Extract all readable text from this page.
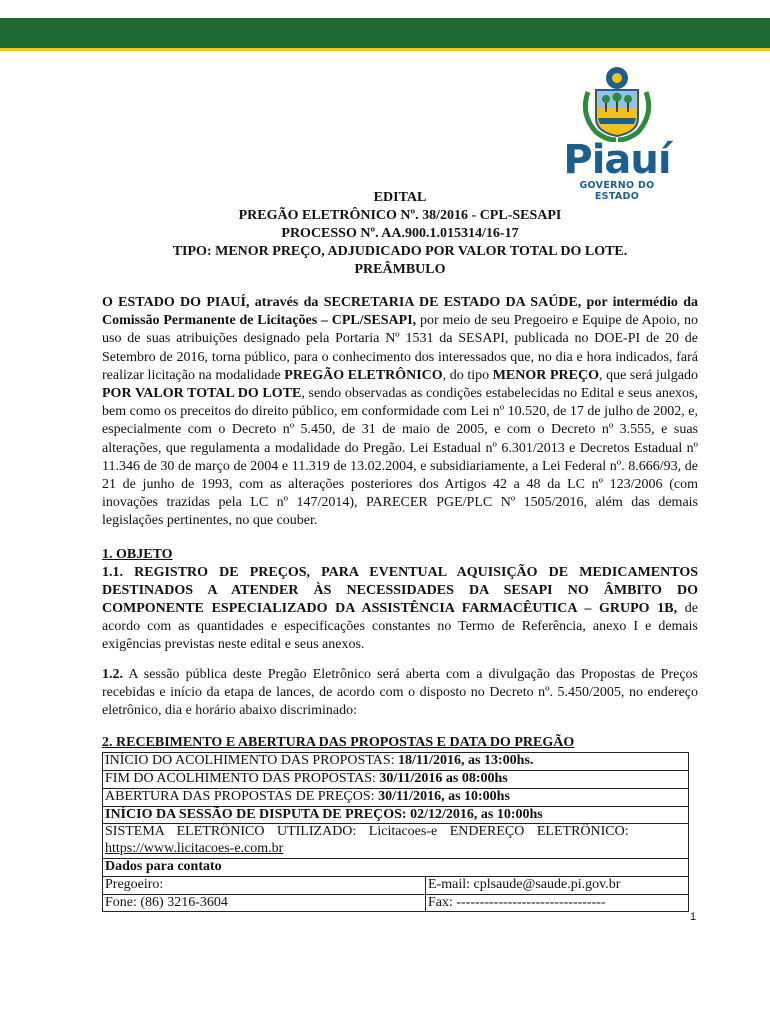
Piauí
GOVERNO DO ESTADO
EDITAL
PREGÃO ELETRÔNICO Nº. 38/2016 - CPL-SESAPI
PROCESSO Nº. AA.900.1.015314/16-17
TIPO: MENOR PREÇO, ADJUDICADO POR VALOR TOTAL DO LOTE.
PREÂMBULO

O ESTADO DO PIAUÍ, através da SECRETARIA DE ESTADO DA SAÚDE, por intermédio da Comissão Permanente de Licitações – CPL/SESAPI, por meio de seu Pregoeiro e Equipe de Apoio, no uso de suas atribuições designado pela Portaria Nº 1531 da SESAPI, publicada no DOE-PI de 20 de Setembro de 2016, torna público, para o conhecimento dos interessados que, no dia e hora indicados, fará realizar licitação na modalidade PREGÃO ELETRÔNICO, do tipo MENOR PREÇO, que será julgado POR VALOR TOTAL DO LOTE, sendo observadas as condições estabelecidas no Edital e seus anexos, bem como os preceitos do direito público, em conformidade com Lei nº 10.520, de 17 de julho de 2002, e, especialmente com o Decreto nº 5.450, de 31 de maio de 2005, e com o Decreto nº 3.555, e suas alterações, que regulamenta a modalidade do Pregão. Lei Estadual nº 6.301/2013 e Decretos Estadual nº 11.346 de 30 de março de 2004 e 11.319 de 13.02.2004, e subsidiariamente, a Lei Federal nº. 8.666/93, de 21 de junho de 1993, com as alterações posteriores dos Artigos 42 a 48 da LC nº 123/2006 (com inovações trazidas pela LC nº 147/2014), PARECER PGE/PLC Nº 1505/2016, além das demais legislações pertinentes, no que couber.

1. OBJETO

1.1. REGISTRO DE PREÇOS, PARA EVENTUAL AQUISIÇÃO DE MEDICAMENTOS DESTINADOS A ATENDER ÀS NECESSIDADES DA SESAPI NO ÂMBITO DO COMPONENTE ESPECIALIZADO DA ASSISTÊNCIA FARMACÊUTICA – GRUPO 1B, de acordo com as quantidades e especificações constantes no Termo de Referência, anexo I e demais exigências previstas neste edital e seus anexos.

1.2. A sessão pública deste Pregão Eletrônico será aberta com a divulgação das Propostas de Preços recebidas e início da etapa de lances, de acordo com o disposto no Decreto nº. 5.450/2005, no endereço eletrônico, dia e horário abaixo discriminado:

2. RECEBIMENTO E ABERTURA DAS PROPOSTAS E DATA DO PREGÃO
INÍCIO DO ACOLHIMENTO DAS PROPOSTAS: 18/11/2016, as 13:00hs.	
FIM DO ACOLHIMENTO DAS PROPOSTAS: 30/11/2016 as 08:00hs	
ABERTURA DAS PROPOSTAS DE PREÇOS: 30/11/2016, as 10:00hs	
INÍCIO DA SESSÃO DE DISPUTA DE PREÇOS: 02/12/2016, as 10:00hs	
SISTEMA ELETRÔNICO UTILIZADO: Licitacoes-e ENDEREÇO ELETRÔNICO:
https://www.licitacoes-e.com.br	
Dados para contato	
Pregoeiro:	E-mail: cplsaude@saude.pi.gov.br
Fone: (86) 3216-3604	Fax: --------------------------------
1
